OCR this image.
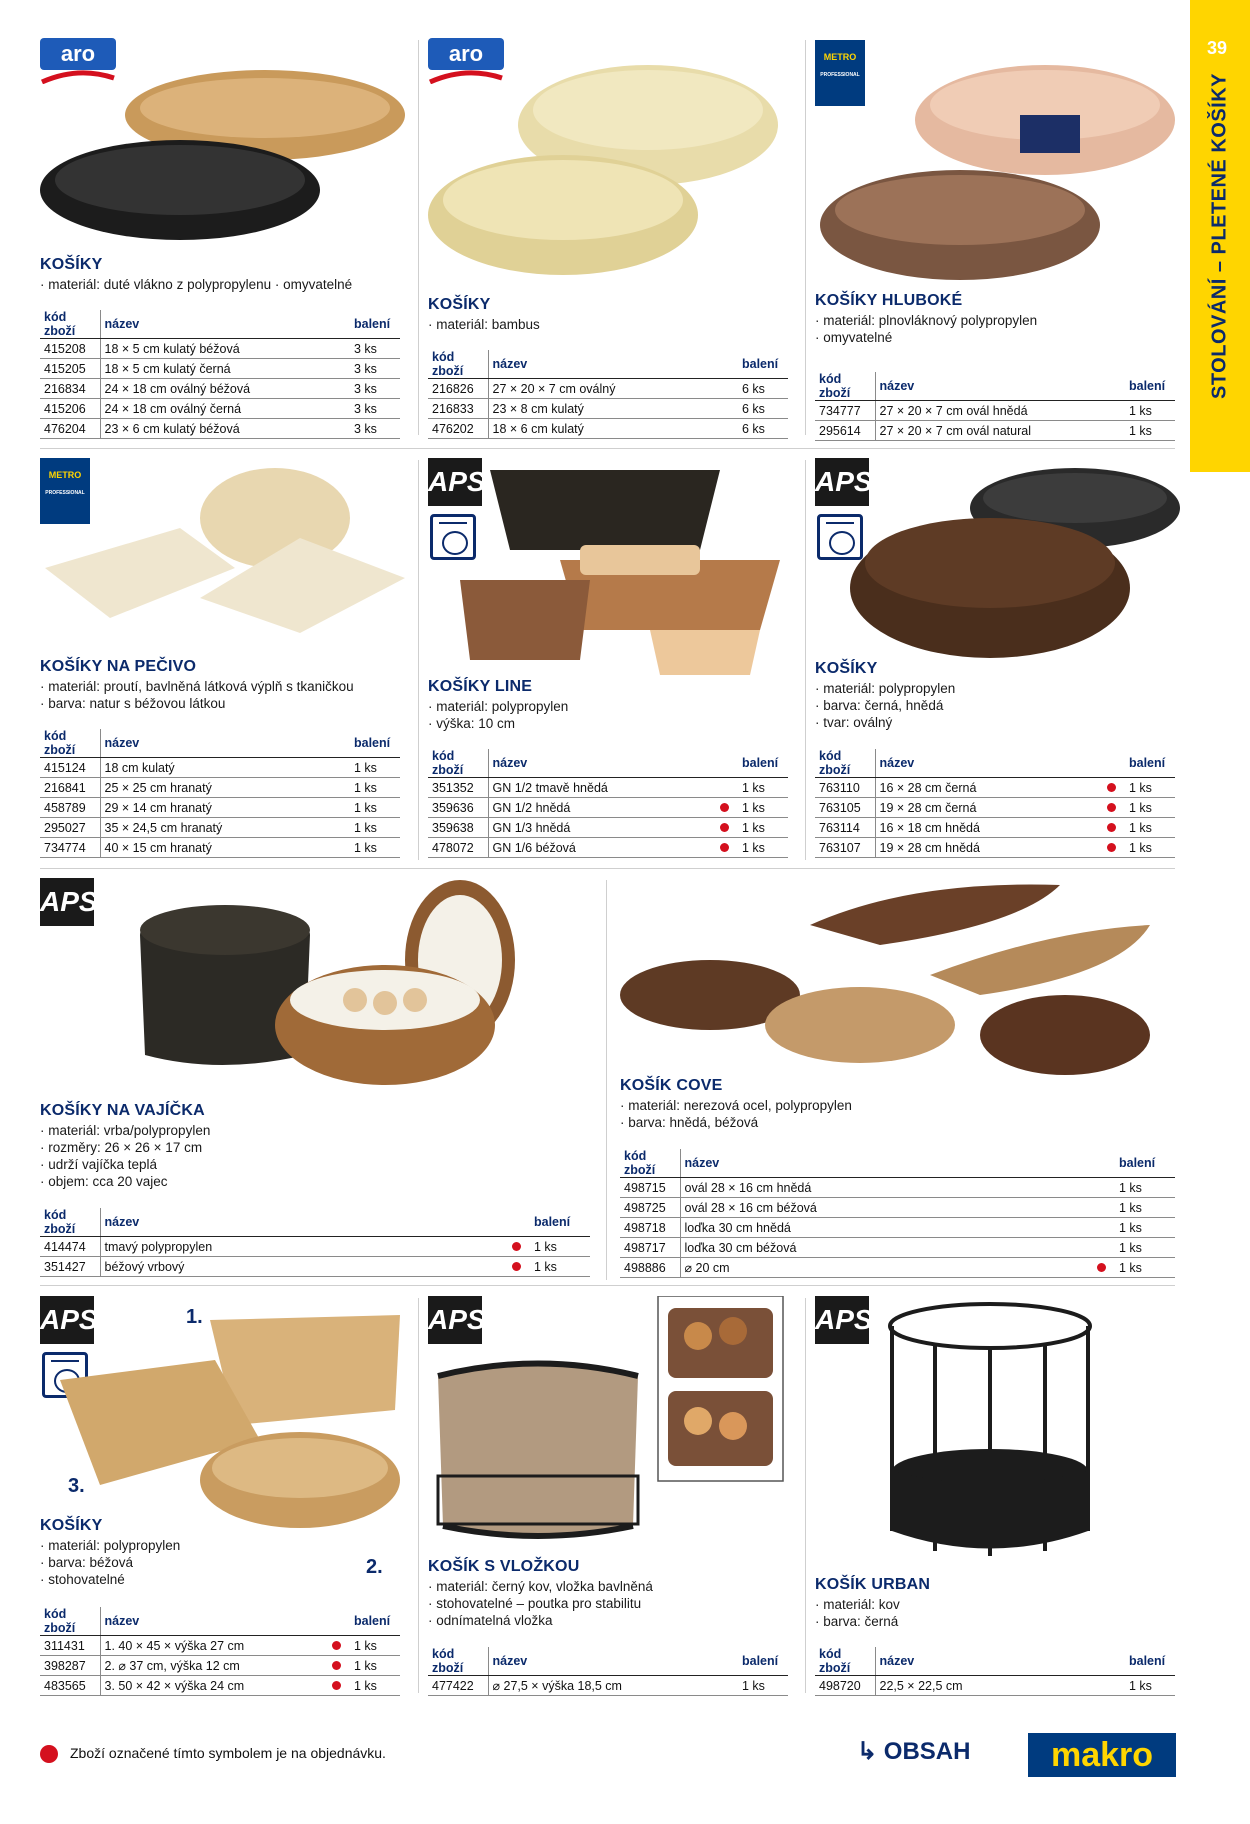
39
STOLOVÁNÍ – PLETENÉ KOŠÍKY
aro
KOŠÍKY
· materiál: duté vlákno z polypropylenu · omyvatelné
kód zboží	název		balení
415208	18 × 5 cm kulatý béžová		3 ks
415205	18 × 5 cm kulatý černá		3 ks
216834	24 × 18 cm oválný béžová		3 ks
415206	24 × 18 cm oválný černá		3 ks
476204	23 × 6 cm kulatý béžová		3 ks
aro
KOŠÍKY
· materiál: bambus
kód zboží	název		balení
216826	27 × 20 × 7 cm oválný		6 ks
216833	23 × 8 cm kulatý		6 ks
476202	18 × 6 cm kulatý		6 ks
METRO
PROFESSIONAL
KOŠÍKY HLUBOKÉ
· materiál: plnovláknový polypropylen
· omyvatelné
kód zboží	název		balení
734777	27 × 20 × 7 cm ovál hnědá		1 ks
295614	27 × 20 × 7 cm ovál natural		1 ks
METRO
PROFESSIONAL
KOŠÍKY NA PEČIVO
· materiál: proutí, bavlněná látková výplň s tkaničkou
· barva: natur s béžovou látkou
kód zboží	název		balení
415124	18 cm kulatý		1 ks
216841	25 × 25 cm hranatý		1 ks
458789	29 × 14 cm hranatý		1 ks
295027	35 × 24,5 cm hranatý		1 ks
734774	40 × 15 cm hranatý		1 ks
APS
KOŠÍKY LINE
· materiál: polypropylen
· výška: 10 cm
kód zboží	název		balení
351352	GN 1/2 tmavě hnědá		1 ks
359636	GN 1/2 hnědá		1 ks
359638	GN 1/3 hnědá		1 ks
478072	GN 1/6 béžová		1 ks
APS
KOŠÍKY
· materiál: polypropylen
· barva: černá, hnědá
· tvar: oválný
kód zboží	název		balení
763110	16 × 28 cm černá		1 ks
763105	19 × 28 cm černá		1 ks
763114	16 × 18 cm hnědá		1 ks
763107	19 × 28 cm hnědá		1 ks
APS
KOŠÍKY NA VAJÍČKA
· materiál: vrba/polypropylen
· rozměry: 26 × 26 × 17 cm
· udrží vajíčka teplá
· objem: cca 20 vajec
kód zboží	název		balení
414474	tmavý polypropylen		1 ks
351427	béžový vrbový		1 ks
KOŠÍK COVE
· materiál: nerezová ocel, polypropylen
· barva: hnědá, béžová
kód zboží	název		balení
498715	ovál 28 × 16 cm hnědá		1 ks
498725	ovál 28 × 16 cm béžová		1 ks
498718	loďka 30 cm hnědá		1 ks
498717	loďka 30 cm béžová		1 ks
498886	⌀ 20 cm		1 ks
APS	1.
2.
3.
KOŠÍKY
· materiál: polypropylen
· barva: béžová
· stohovatelné
kód zboží	název		balení
311431	1. 40 × 45 × výška 27 cm		1 ks
398287	2. ⌀ 37 cm, výška 12 cm		1 ks
483565	3. 50 × 42 × výška 24 cm		1 ks
APS
KOŠÍK S VLOŽKOU
· materiál: černý kov, vložka bavlněná
· stohovatelné – poutka pro stabilitu
· odnímatelná vložka
kód zboží	název		balení
477422	⌀ 27,5 × výška 18,5 cm		1 ks
APS
KOŠÍK URBAN
· materiál: kov
· barva: černá
kód zboží	název		balení
498720	22,5 × 22,5 cm		1 ks
Zboží označené tímto symbolem je na objednávku.	↳ OBSAH	makro
